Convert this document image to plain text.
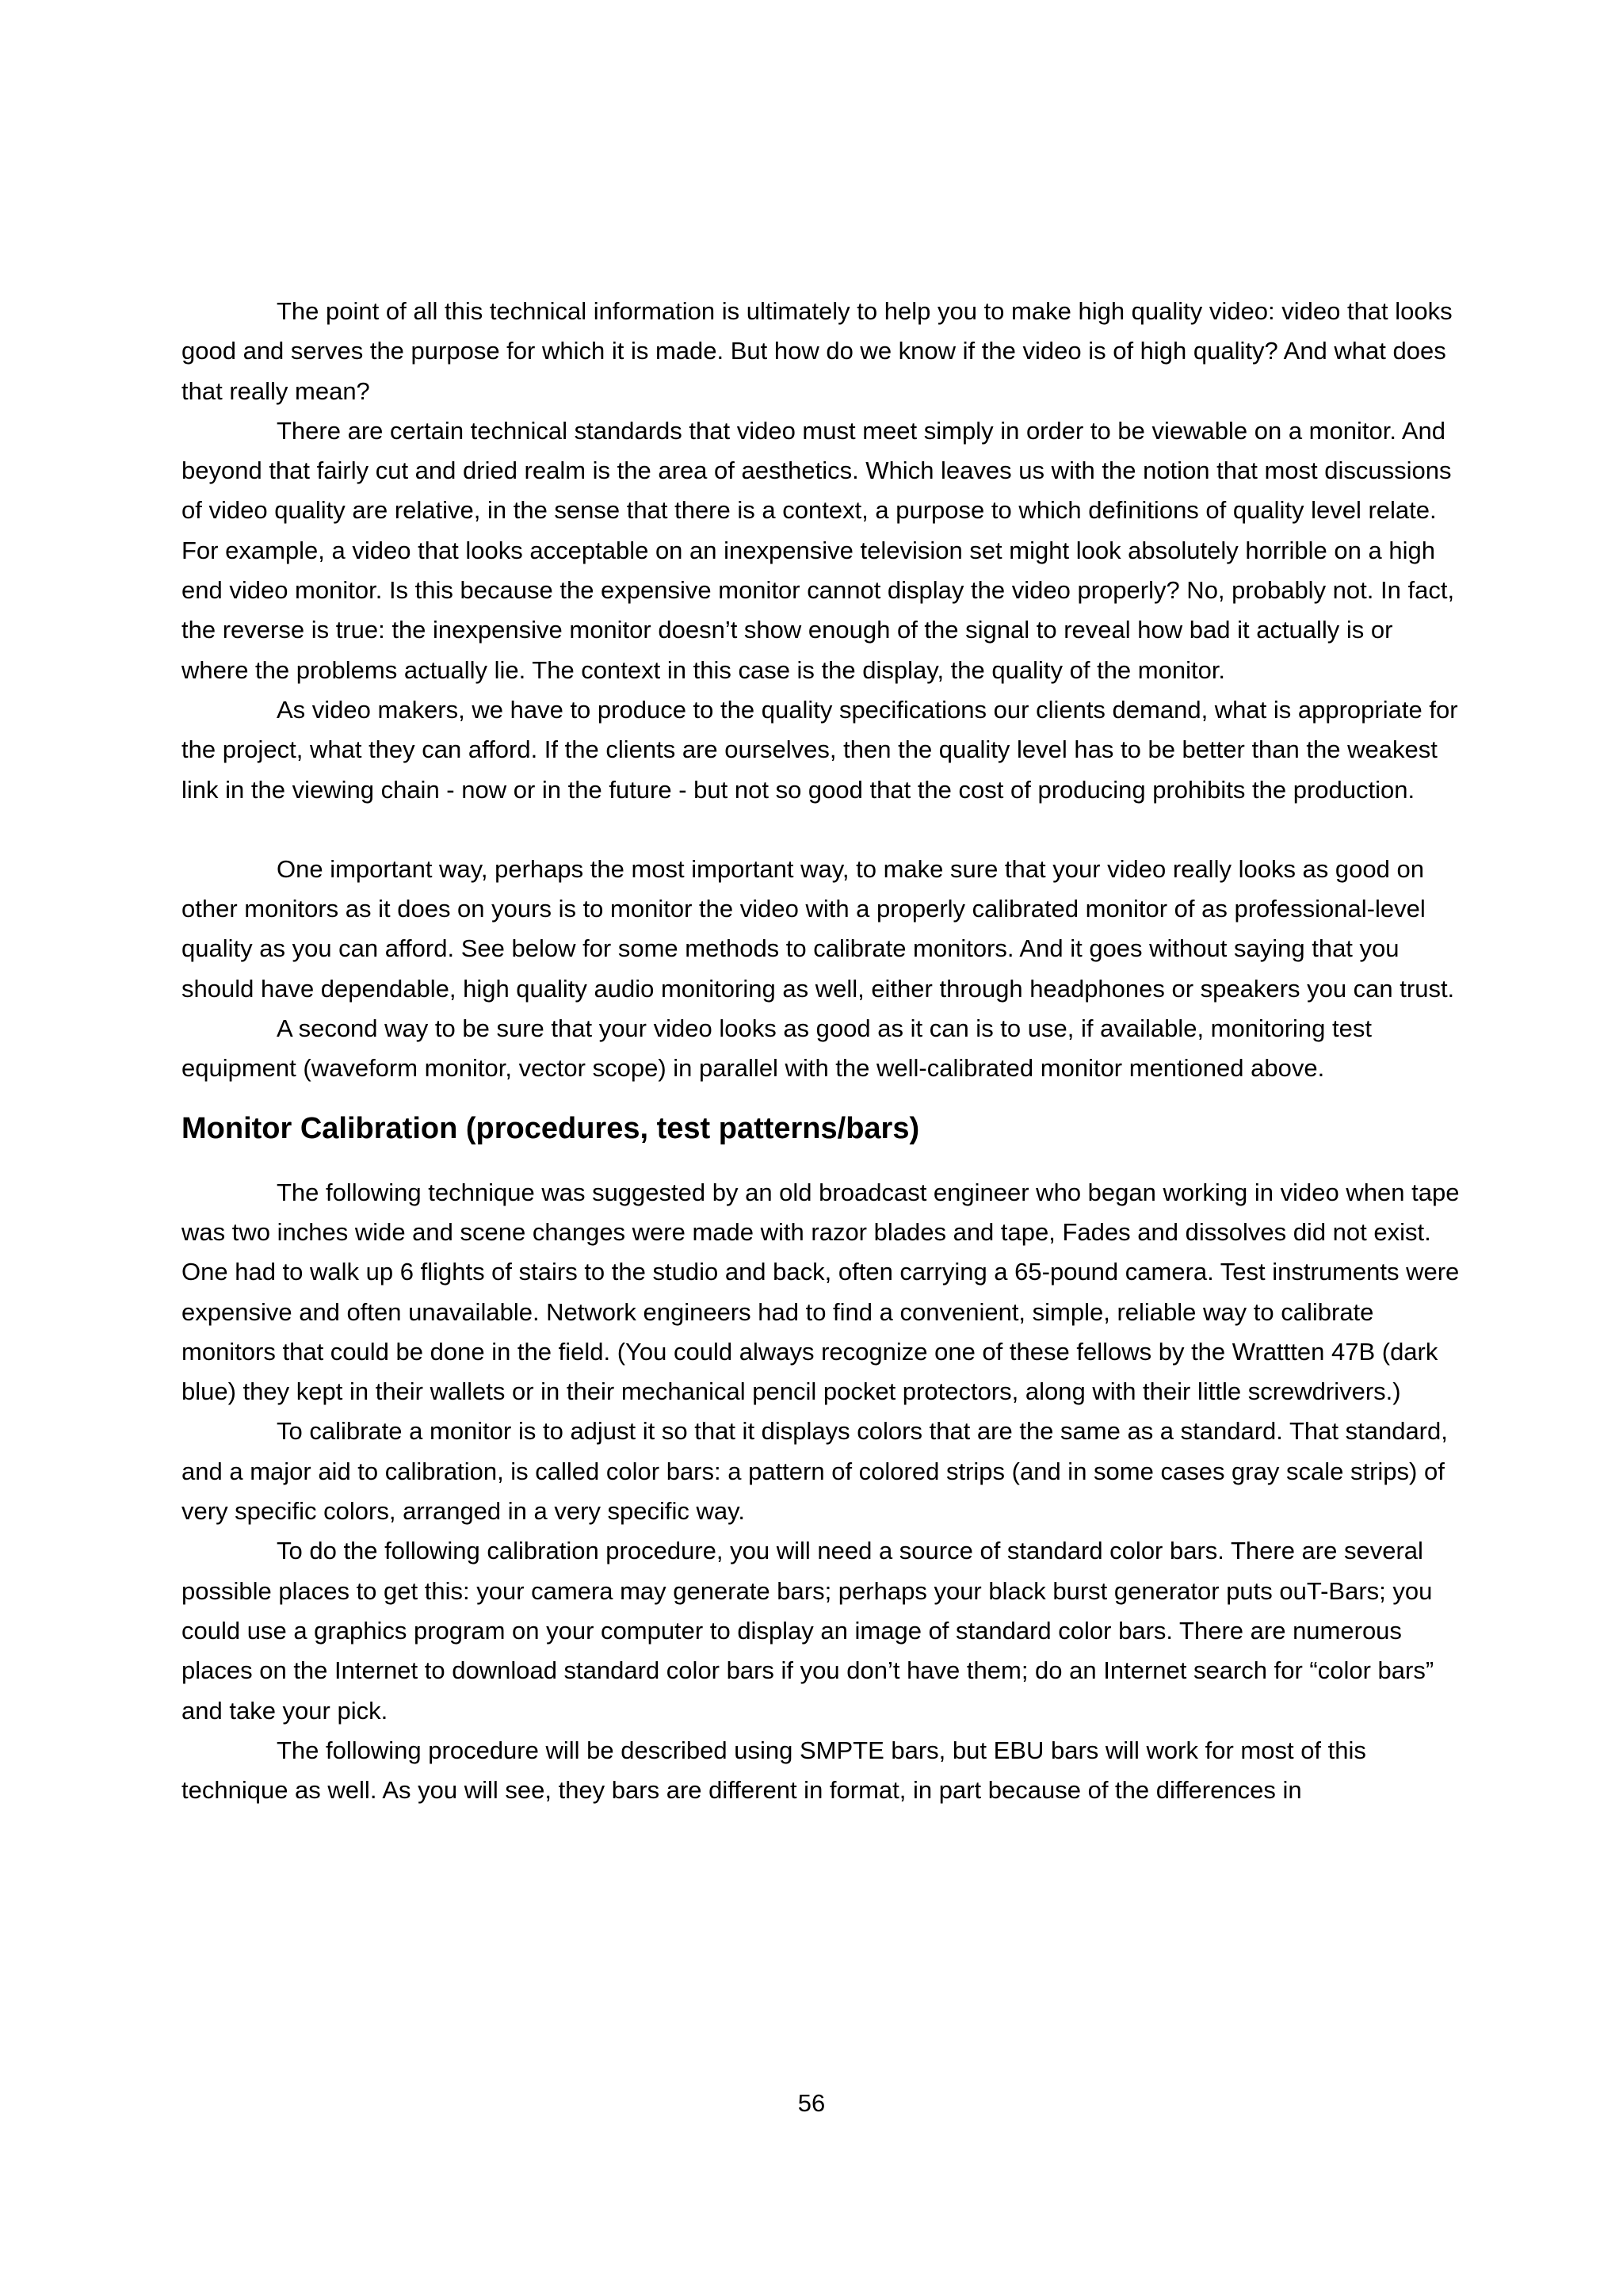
The point of all this technical information is ultimately to help you to make high quality video: video that looks good and serves the purpose for which it is made. But how do we know if the video is of high quality? And what does that really mean?

There are certain technical standards that video must meet simply in order to be viewable on a monitor. And beyond that fairly cut and dried realm is the area of aesthetics. Which leaves us with the notion that most discussions of video quality are relative, in the sense that there is a context, a purpose to which definitions of quality level relate. For example, a video that looks acceptable on an inexpensive television set might look absolutely horrible on a high end video monitor. Is this because the expensive monitor cannot display the video properly? No, probably not. In fact, the reverse is true: the inexpensive monitor doesn’t show enough of the signal to reveal how bad it actually is or where the problems actually lie. The context in this case is the display, the quality of the monitor.

As video makers, we have to produce to the quality specifications our clients demand, what is appropriate for the project, what they can afford. If the clients are ourselves, then the quality level has to be better than the weakest link in the viewing chain - now or in the future - but not so good that the cost of producing prohibits the production.

One important way, perhaps the most important way, to make sure that your video really looks as good on other monitors as it does on yours is to monitor the video with a properly calibrated monitor of as professional-level quality as you can afford. See below for some methods to calibrate monitors. And it goes without saying that you should have dependable, high quality audio monitoring as well, either through headphones or speakers you can trust.

A second way to be sure that your video looks as good as it can is to use, if available, monitoring test equipment (waveform monitor, vector scope) in parallel with the well-calibrated monitor mentioned above.

Monitor Calibration (procedures, test patterns/bars)

The following technique was suggested by an old broadcast engineer who began working in video when tape was two inches wide and scene changes were made with razor blades and tape, Fades and dissolves did not exist. One had to walk up 6 flights of stairs to the studio and back, often carrying a 65-pound camera. Test instruments were expensive and often unavailable. Network engineers had to find a convenient, simple, reliable way to calibrate monitors that could be done in the field. (You could always recognize one of these fellows by the Wrattten 47B (dark blue) they kept in their wallets or in their mechanical pencil pocket protectors, along with their little screwdrivers.)

To calibrate a monitor is to adjust it so that it displays colors that are the same as a standard. That standard, and a major aid to calibration, is called color bars: a pattern of colored strips (and in some cases gray scale strips) of very specific colors, arranged in a very specific way.

To do the following calibration procedure, you will need a source of standard color bars. There are several possible places to get this: your camera may generate bars; perhaps your black burst generator puts ouT-Bars; you could use a graphics program on your computer to display an image of standard color bars. There are numerous places on the Internet to download standard color bars if you don’t have them; do an Internet search for “color bars” and take your pick.

The following procedure will be described using SMPTE bars, but EBU bars will work for most of this technique as well. As you will see, they bars are different in format, in part because of the differences in

56
